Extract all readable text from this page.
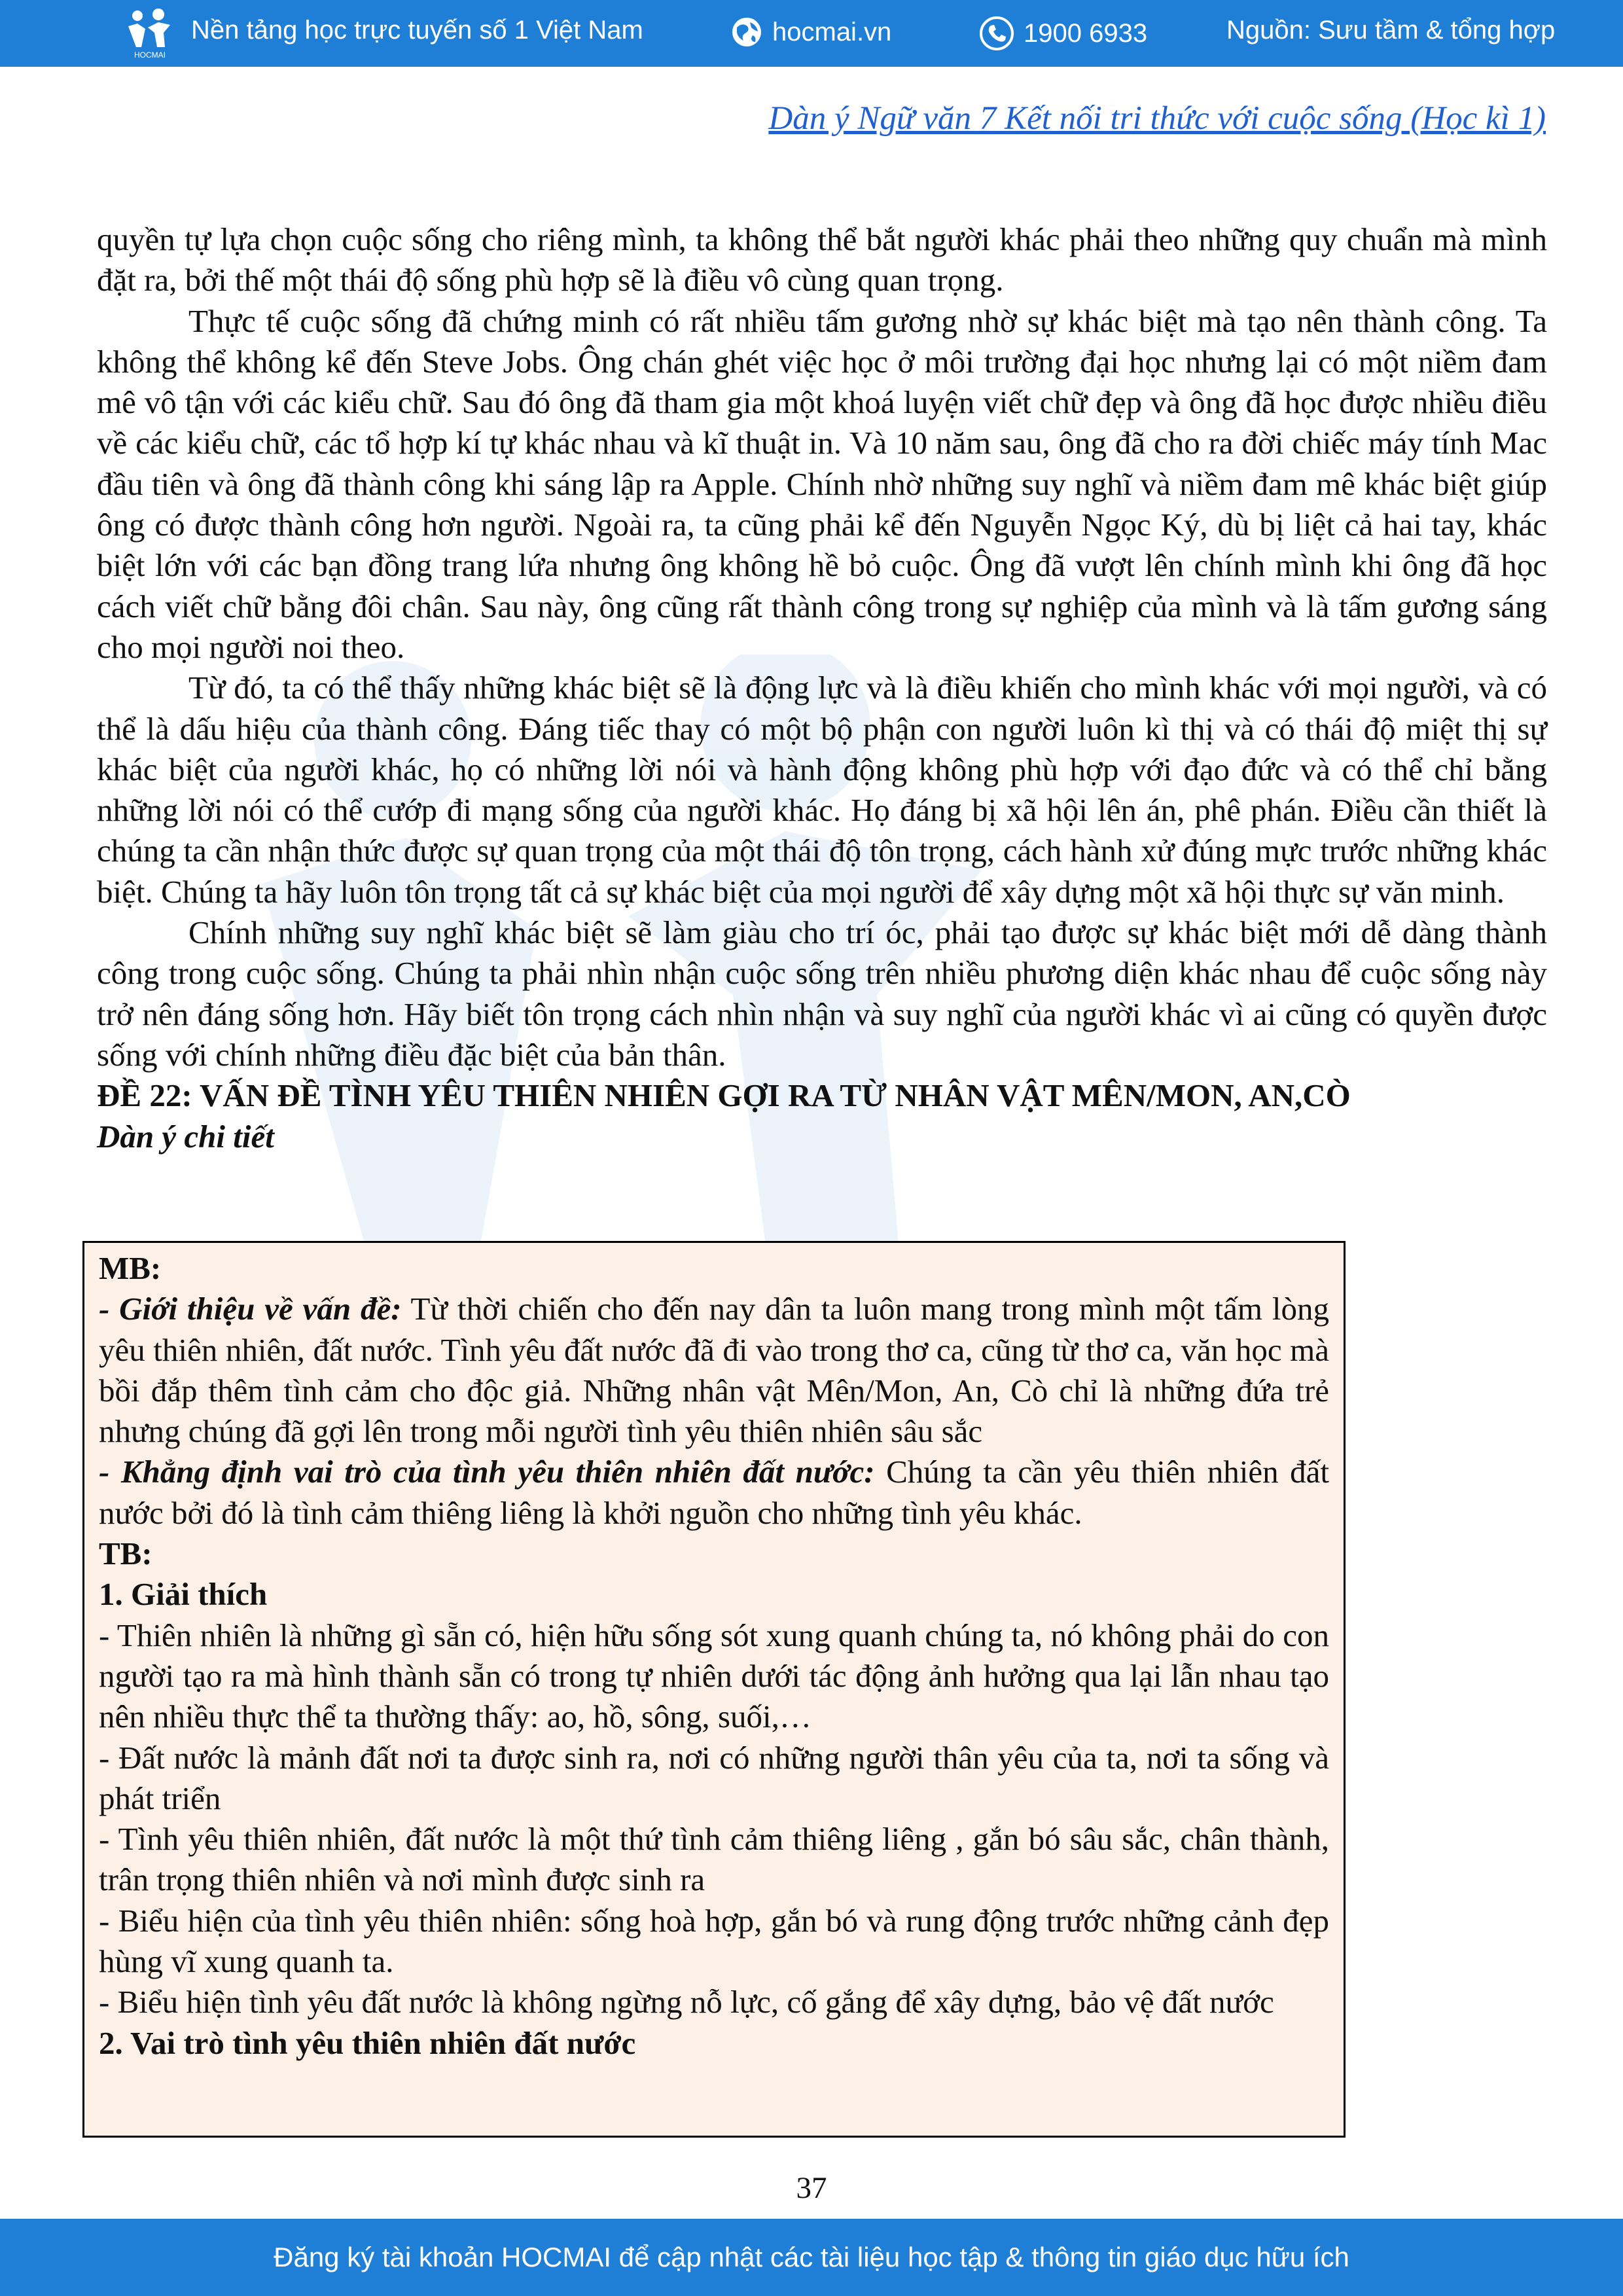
HOCMAI
Nền tảng học trực tuyến số 1 Việt Nam	hocmai.vn	1900 6933	Nguồn: Sưu tầm & tổng hợp
Dàn ý Ngữ văn 7 Kết nối tri thức với cuộc sống (Học kì 1)

quyền tự lựa chọn cuộc sống cho riêng mình, ta không thể bắt người khác phải theo những quy chuẩn mà mình đặt ra, bởi thế một thái độ sống phù hợp sẽ là điều vô cùng quan trọng.

Thực tế cuộc sống đã chứng minh có rất nhiều tấm gương nhờ sự khác biệt mà tạo nên thành công. Ta không thể không kể đến Steve Jobs. Ông chán ghét việc học ở môi trường đại học nhưng lại có một niềm đam mê vô tận với các kiểu chữ. Sau đó ông đã tham gia một khoá luyện viết chữ đẹp và ông đã học được nhiều điều về các kiểu chữ, các tổ hợp kí tự khác nhau và kĩ thuật in. Và 10 năm sau, ông đã cho ra đời chiếc máy tính Mac đầu tiên và ông đã thành công khi sáng lập ra Apple. Chính nhờ những suy nghĩ và niềm đam mê khác biệt giúp ông có được thành công hơn người. Ngoài ra, ta cũng phải kể đến Nguyễn Ngọc Ký, dù bị liệt cả hai tay, khác biệt lớn với các bạn đồng trang lứa nhưng ông không hề bỏ cuộc. Ông đã vượt lên chính mình khi ông đã học cách viết chữ bằng đôi chân. Sau này, ông cũng rất thành công trong sự nghiệp của mình và là tấm gương sáng cho mọi người noi theo.

Từ đó, ta có thể thấy những khác biệt sẽ là động lực và là điều khiến cho mình khác với mọi người, và có thể là dấu hiệu của thành công. Đáng tiếc thay có một bộ phận con người luôn kì thị và có thái độ miệt thị sự khác biệt của người khác, họ có những lời nói và hành động không phù hợp với đạo đức và có thể chỉ bằng những lời nói có thể cướp đi mạng sống của người khác. Họ đáng bị xã hội lên án, phê phán. Điều cần thiết là chúng ta cần nhận thức được sự quan trọng của một thái độ tôn trọng, cách hành xử đúng mực trước những khác biệt. Chúng ta hãy luôn tôn trọng tất cả sự khác biệt của mọi người để xây dựng một xã hội thực sự văn minh.

Chính những suy nghĩ khác biệt sẽ làm giàu cho trí óc, phải tạo được sự khác biệt mới dễ dàng thành công trong cuộc sống. Chúng ta phải nhìn nhận cuộc sống trên nhiều phương diện khác nhau để cuộc sống này trở nên đáng sống hơn. Hãy biết tôn trọng cách nhìn nhận và suy nghĩ của người khác vì ai cũng có quyền được sống với chính những điều đặc biệt của bản thân.

ĐỀ 22: VẤN ĐỀ TÌNH YÊU THIÊN NHIÊN GỢI RA TỪ NHÂN VẬT MÊN/MON, AN,CÒ

Dàn ý chi tiết

MB:

- Giới thiệu về vấn đề: Từ thời chiến cho đến nay dân ta luôn mang trong mình một tấm lòng yêu thiên nhiên, đất nước. Tình yêu đất nước đã đi vào trong thơ ca, cũng từ thơ ca, văn học mà bồi đắp thêm tình cảm cho độc giả. Những nhân vật Mên/Mon, An, Cò chỉ là những đứa trẻ nhưng chúng đã gợi lên trong mỗi người tình yêu thiên nhiên sâu sắc

- Khẳng định vai trò của tình yêu thiên nhiên đất nước: Chúng ta cần yêu thiên nhiên đất nước bởi đó là tình cảm thiêng liêng là khởi nguồn cho những tình yêu khác.

TB:

1. Giải thích

- Thiên nhiên là những gì sẵn có, hiện hữu sống sót xung quanh chúng ta, nó không phải do con người tạo ra mà hình thành sẵn có trong tự nhiên dưới tác động ảnh hưởng qua lại lẫn nhau tạo nên nhiều thực thể ta thường thấy: ao, hồ, sông, suối,…

- Đất nước là mảnh đất nơi ta được sinh ra, nơi có những người thân yêu của ta, nơi ta sống và phát triển

- Tình yêu thiên nhiên, đất nước là một thứ tình cảm thiêng liêng , gắn bó sâu sắc, chân thành, trân trọng thiên nhiên và nơi mình được sinh ra

- Biểu hiện của tình yêu thiên nhiên: sống hoà hợp, gắn bó và rung động trước những cảnh đẹp hùng vĩ xung quanh ta.

- Biểu hiện tình yêu đất nước là không ngừng nỗ lực, cố gắng để xây dựng, bảo vệ đất nước

2. Vai trò tình yêu thiên nhiên đất nước

37
Đăng ký tài khoản HOCMAI để cập nhật các tài liệu học tập & thông tin giáo dục hữu ích
